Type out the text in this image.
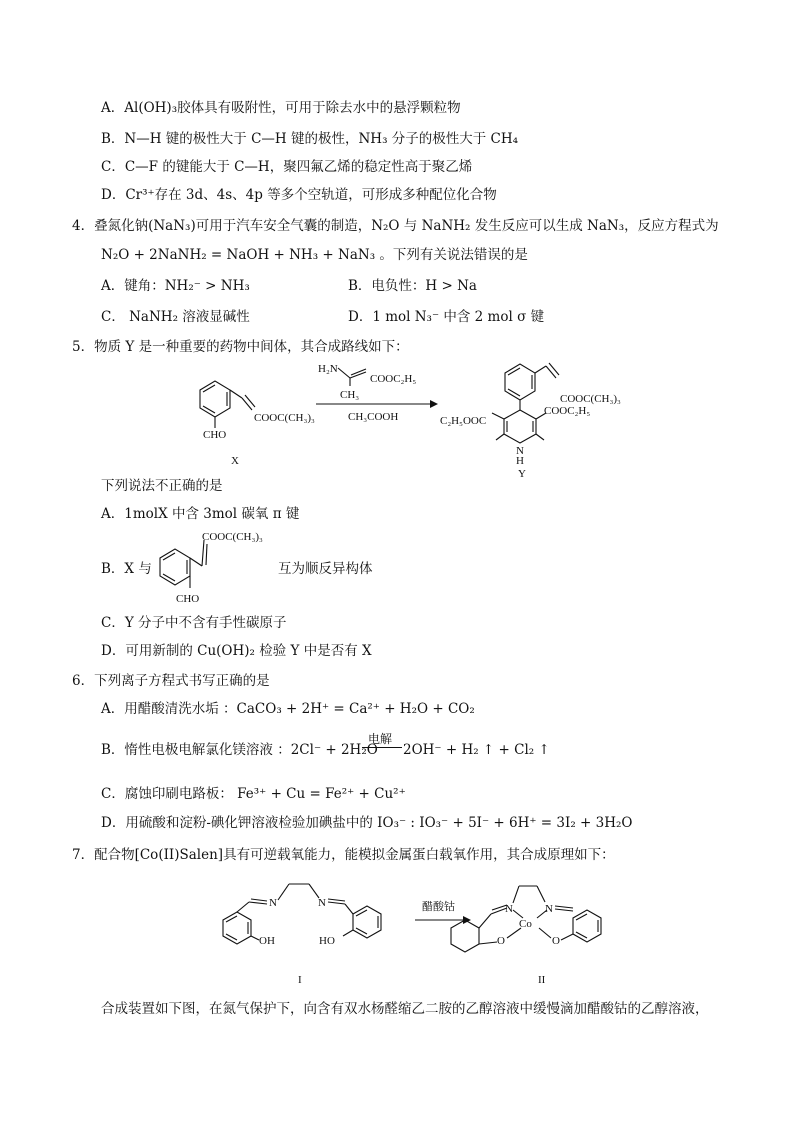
A．Al(OH)₃胶体具有吸附性，可用于除去水中的悬浮颗粒物
B．N—H 键的极性大于 C—H 键的极性，NH₃ 分子的极性大于 CH₄
C．C—F 的键能大于 C—H，聚四氟乙烯的稳定性高于聚乙烯
D．Cr³⁺存在 3d、4s、4p 等多个空轨道，可形成多种配位化合物
4．叠氮化钠(NaN₃)可用于汽车安全气囊的制造，N₂O 与 NaNH₂ 发生反应可以生成 NaN₃，反应方程式为
N₂O + 2NaNH₂ = NaOH + NH₃ + NaN₃ 。下列有关说法错误的是
A．键角：NH₂⁻ > NH₃	B．电负性：H > Na
C． NaNH₂ 溶液显碱性	D．1 mol N₃⁻ 中含 2 mol σ 键
5．物质 Y 是一种重要的药物中间体，其合成路线如下：
CHO
COOC(CH₃)₃
X
H₂N
COOC₂H₅
CH₃
CH₃COOH
COOC(CH₃)₃
C₂H₅OOC
COOC₂H₅
N
H
Y
下列说法不正确的是
A．1molX 中含 3mol 碳氧 π 键
B．X 与
CHO
COOC(CH₃)₃
互为顺反异构体
C．Y 分子中不含有手性碳原子
D．可用新制的 Cu(OH)₂ 检验 Y 中是否有 X
6．下列离子方程式书写正确的是
A．用醋酸清洗水垢 ：CaCO₃ + 2H⁺ = Ca²⁺ + H₂O + CO₂
B．惰性电极电解氯化镁溶液 ：2Cl⁻ + 2H₂O
电解
2OH⁻ + H₂ ↑ + Cl₂ ↑
C．腐蚀印刷电路板： Fe³⁺ + Cu = Fe²⁺ + Cu²⁺
D．用硫酸和淀粉-碘化钾溶液检验加碘盐中的 IO₃⁻ : IO₃⁻ + 5I⁻ + 6H⁺ = 3I₂ + 3H₂O
7．配合物[Co(II)Salen]具有可逆载氧能力，能模拟金属蛋白载氧作用，其合成原理如下：
OH
N	N
HO
I
醋酸钴	N	N
Co
O	O
II
合成装置如下图，在氮气保护下，向含有双水杨醛缩乙二胺的乙醇溶液中缓慢滴加醋酸钴的乙醇溶液，
